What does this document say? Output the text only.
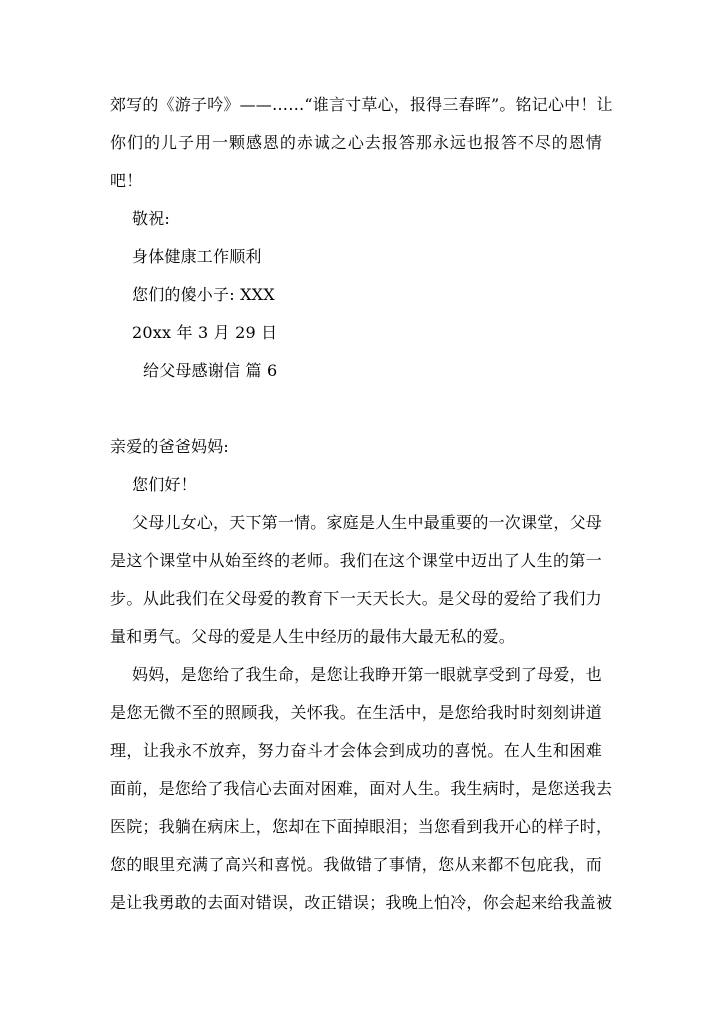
郊写的《游子吟》——……“谁言寸草心，报得三春晖”。铭记心中！让
你们的儿子用一颗感恩的赤诚之心去报答那永远也报答不尽的恩情
吧！
敬祝:
身体健康工作顺利
您们的傻小子: XXX
20xx 年 3 月 29 日
给父母感谢信 篇 6
亲爱的爸爸妈妈:
您们好！
父母儿女心，天下第一情。家庭是人生中最重要的一次课堂，父母
是这个课堂中从始至终的老师。我们在这个课堂中迈出了人生的第一
步。从此我们在父母爱的教育下一天天长大。是父母的爱给了我们力
量和勇气。父母的爱是人生中经历的最伟大最无私的爱。
妈妈，是您给了我生命，是您让我睁开第一眼就享受到了母爱，也
是您无微不至的照顾我，关怀我。在生活中，是您给我时时刻刻讲道
理，让我永不放弃，努力奋斗才会体会到成功的喜悦。在人生和困难
面前，是您给了我信心去面对困难，面对人生。我生病时，是您送我去
医院；我躺在病床上，您却在下面掉眼泪；当您看到我开心的样子时，
您的眼里充满了高兴和喜悦。我做错了事情，您从来都不包庇我，而
是让我勇敢的去面对错误，改正错误；我晚上怕冷，你会起来给我盖被
